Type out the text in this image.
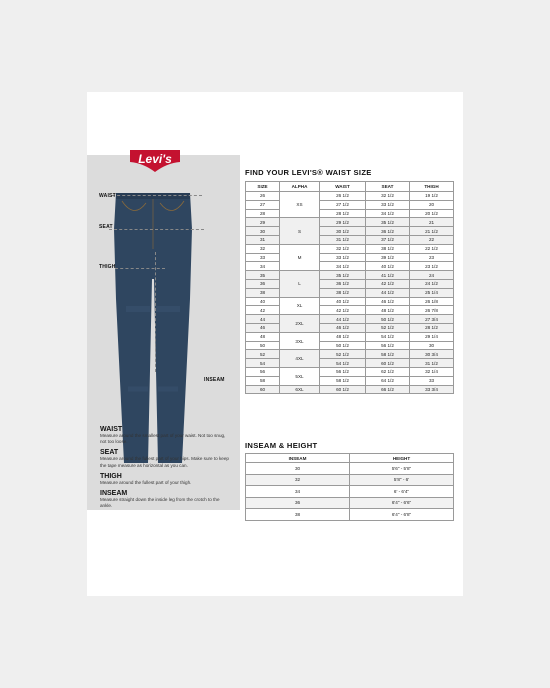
Levi's
WAIST
SEAT
THIGH
INSEAM
WAIST
Measure around the smallest part of your waist. Not too snug, not too loose.
SEAT
Measure around the fullest part of your hips. Make sure to keep the tape measure as horizontal as you can.
THIGH
Measure around the fullest part of your thigh.
INSEAM
Measure straight down the inside leg from the crotch to the ankle.
FIND YOUR LEVI'S® WAIST SIZE
SIZE	ALPHA	WAIST	SEAT	THIGH
26	XS	26 1/2	32 1/2	19 1/2
27		27 1/2	33 1/2	20
28		28 1/2	34 1/2	20 1/2
29	S	29 1/2	35 1/2	21
30		30 1/2	36 1/2	21 1/2
31		31 1/2	37 1/2	22
32	M	32 1/2	38 1/2	22 1/2
33		33 1/2	39 1/2	23
34		34 1/2	40 1/2	23 1/2
35	L	35 1/2	41 1/2	24
36		36 1/2	42 1/2	24 1/2
38		38 1/2	44 1/2	25 1/4
40	XL	40 1/2	46 1/2	26 1/8
42		42 1/2	48 1/2	26 7/8
44	2XL	44 1/2	50 1/2	27 3/4
46		46 1/2	52 1/2	28 1/2
48	3XL	48 1/2	54 1/2	29 1/4
50		50 1/2	56 1/2	30
52	4XL	52 1/2	58 1/2	30 3/4
54		54 1/2	60 1/2	31 1/2
56	5XL	56 1/2	62 1/2	32 1/4
58		58 1/2	64 1/2	33
60	6XL	60 1/2	66 1/2	33 3/4
INSEAM & HEIGHT
INSEAM	HEIGHT
30	5'6" - 5'8"
32	5'8" - 6'
34	6' - 6'4"
36	6'4" - 6'6"
38	6'4" - 6'8"
